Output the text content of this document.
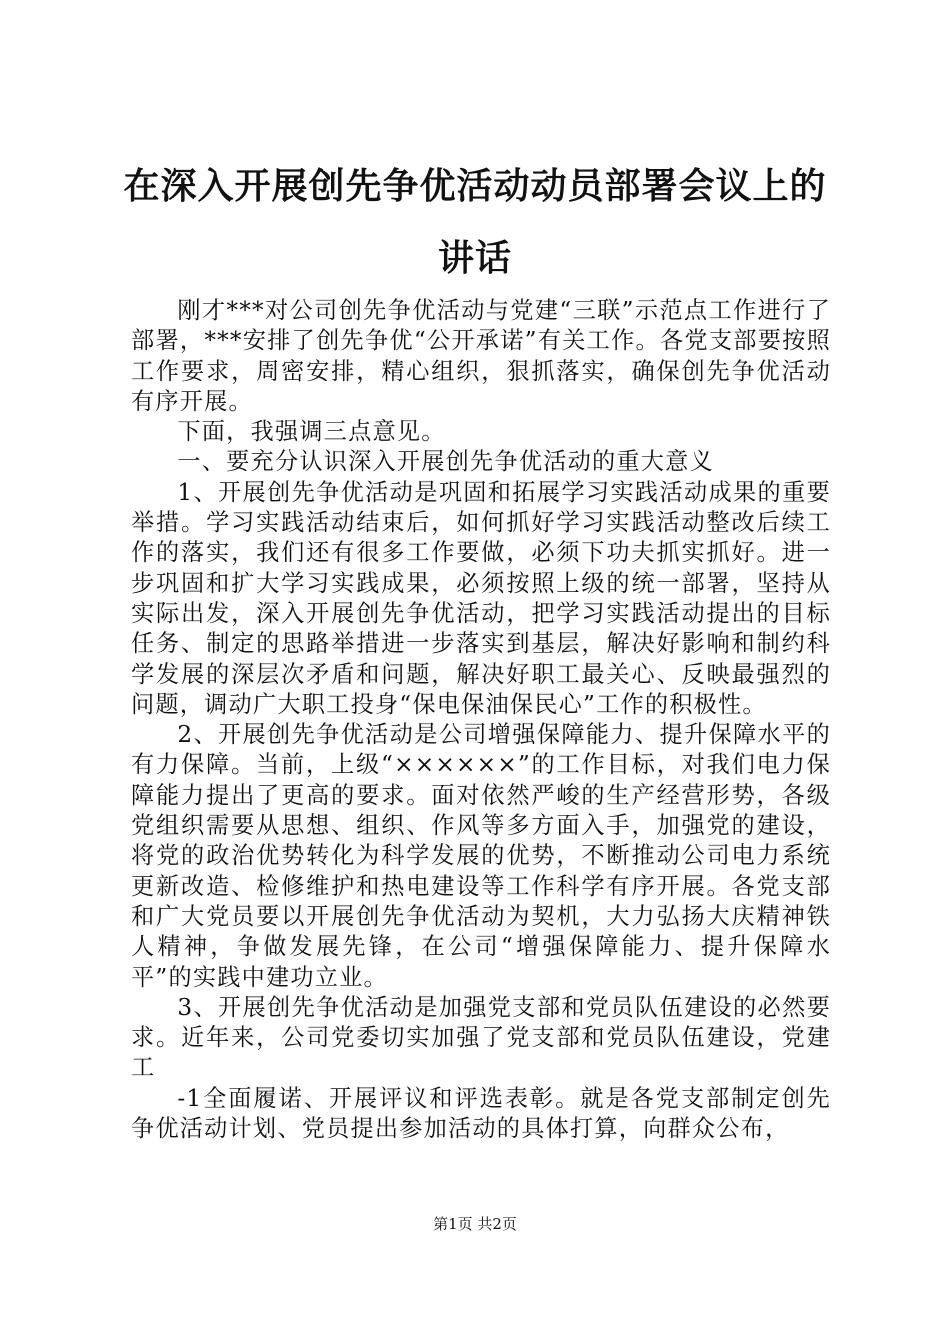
在深入开展创先争优活动动员部署会议上的讲话

刚才***对公司创先争优活动与党建“三联”示范点工作进行了部署，***安排了创先争优“公开承诺”有关工作。各党支部要按照工作要求，周密安排，精心组织，狠抓落实，确保创先争优活动有序开展。

下面，我强调三点意见。

一、要充分认识深入开展创先争优活动的重大意义

1、开展创先争优活动是巩固和拓展学习实践活动成果的重要举措。学习实践活动结束后，如何抓好学习实践活动整改后续工作的落实，我们还有很多工作要做，必须下功夫抓实抓好。进一步巩固和扩大学习实践成果，必须按照上级的统一部署，坚持从实际出发，深入开展创先争优活动，把学习实践活动提出的目标任务、制定的思路举措进一步落实到基层，解决好影响和制约科学发展的深层次矛盾和问题，解决好职工最关心、反映最强烈的问题，调动广大职工投身“保电保油保民心”工作的积极性。

2、开展创先争优活动是公司增强保障能力、提升保障水平的有力保障。当前，上级“××××××”的工作目标，对我们电力保障能力提出了更高的要求。面对依然严峻的生产经营形势，各级党组织需要从思想、组织、作风等多方面入手，加强党的建设，将党的政治优势转化为科学发展的优势，不断推动公司电力系统更新改造、检修维护和热电建设等工作科学有序开展。各党支部和广大党员要以开展创先争优活动为契机，大力弘扬大庆精神铁人精神，争做发展先锋，在公司“增强保障能力、提升保障水平”的实践中建功立业。

3、开展创先争优活动是加强党支部和党员队伍建设的必然要求。近年来，公司党委切实加强了党支部和党员队伍建设，党建工

-1全面履诺、开展评议和评选表彰。就是各党支部制定创先争优活动计划、党员提出参加活动的具体打算，向群众公布，

第1页 共2页
